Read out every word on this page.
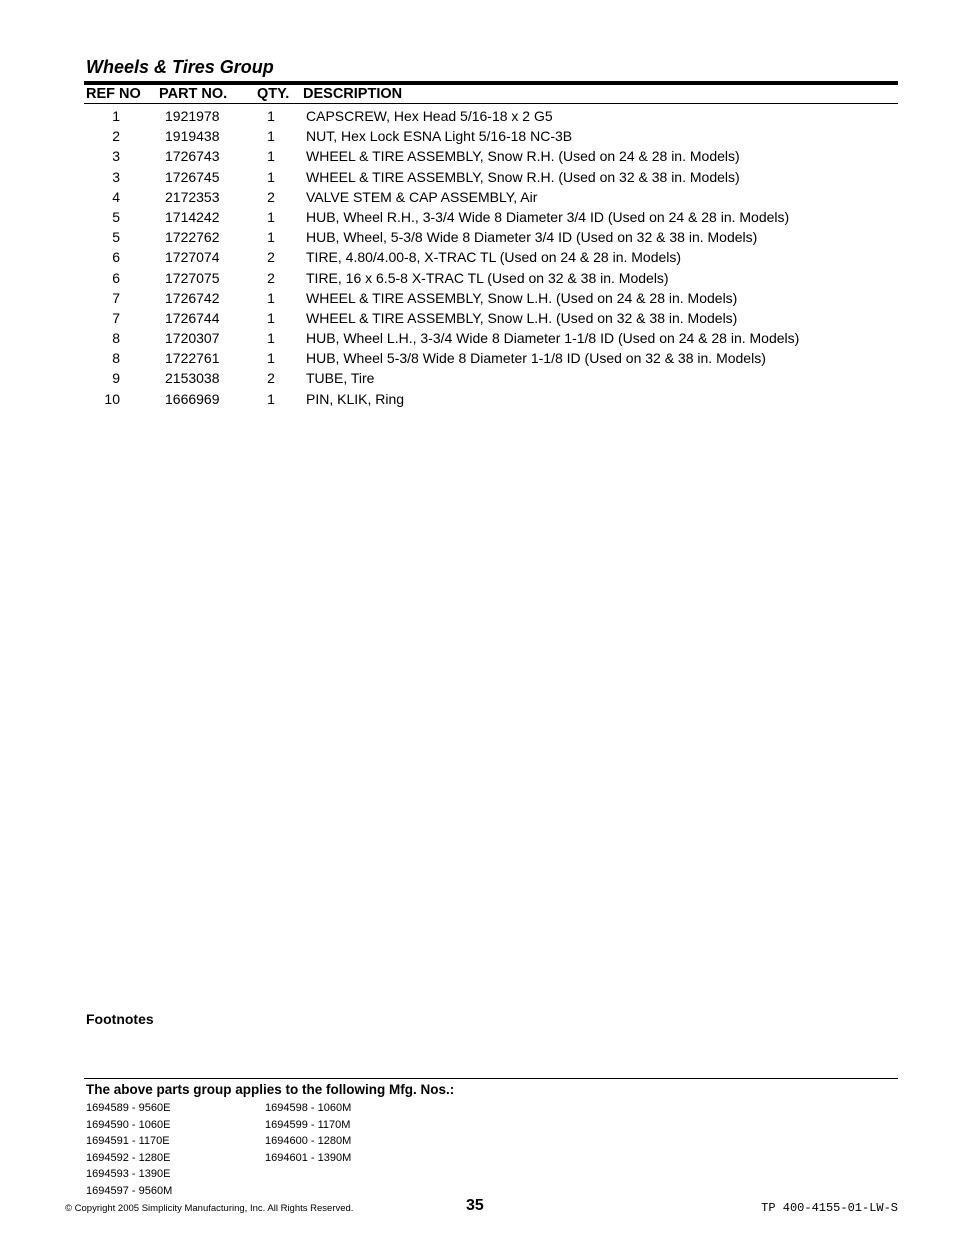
Wheels & Tires Group
REF NO PART NO. QTY. DESCRIPTION
1	1921978	1 CAPSCREW, Hex Head 5/16-18 x 2 G5
2	1919438	1 NUT, Hex Lock ESNA Light 5/16-18 NC-3B
3	1726743	1 WHEEL & TIRE ASSEMBLY, Snow R.H. (Used on 24 & 28 in. Models)
3	1726745	1 WHEEL & TIRE ASSEMBLY, Snow R.H. (Used on 32 & 38 in. Models)
4	2172353	2 VALVE STEM & CAP ASSEMBLY, Air
5	1714242	1 HUB, Wheel R.H., 3-3/4 Wide 8 Diameter 3/4 ID (Used on 24 & 28 in. Models)
5	1722762	1 HUB, Wheel, 5-3/8 Wide 8 Diameter 3/4 ID (Used on 32 & 38 in. Models)
6	1727074	2 TIRE, 4.80/4.00-8, X-TRAC TL (Used on 24 & 28 in. Models)
6	1727075	2 TIRE, 16 x 6.5-8 X-TRAC TL (Used on 32 & 38 in. Models)
7	1726742	1 WHEEL & TIRE ASSEMBLY, Snow L.H. (Used on 24 & 28 in. Models)
7	1726744	1 WHEEL & TIRE ASSEMBLY, Snow L.H. (Used on 32 & 38 in. Models)
8	1720307	1 HUB, Wheel L.H., 3-3/4 Wide 8 Diameter 1-1/8 ID (Used on 24 & 28 in. Models)
8	1722761	1 HUB, Wheel 5-3/8 Wide 8 Diameter 1-1/8 ID (Used on 32 & 38 in. Models)
9	2153038	2 TUBE, Tire
10	1666969	1 PIN, KLIK, Ring
Footnotes
The above parts group applies to the following Mfg. Nos.:
1694589 - 9560E
1694590 - 1060E
1694591 - 1170E
1694592 - 1280E
1694593 - 1390E
1694597 - 9560M
1694598 - 1060M
1694599 - 1170M
1694600 - 1280M
1694601 - 1390M
© Copyright 2005 Simplicity Manufacturing, Inc. All Rights Reserved.	35	TP 400-4155-01-LW-S
